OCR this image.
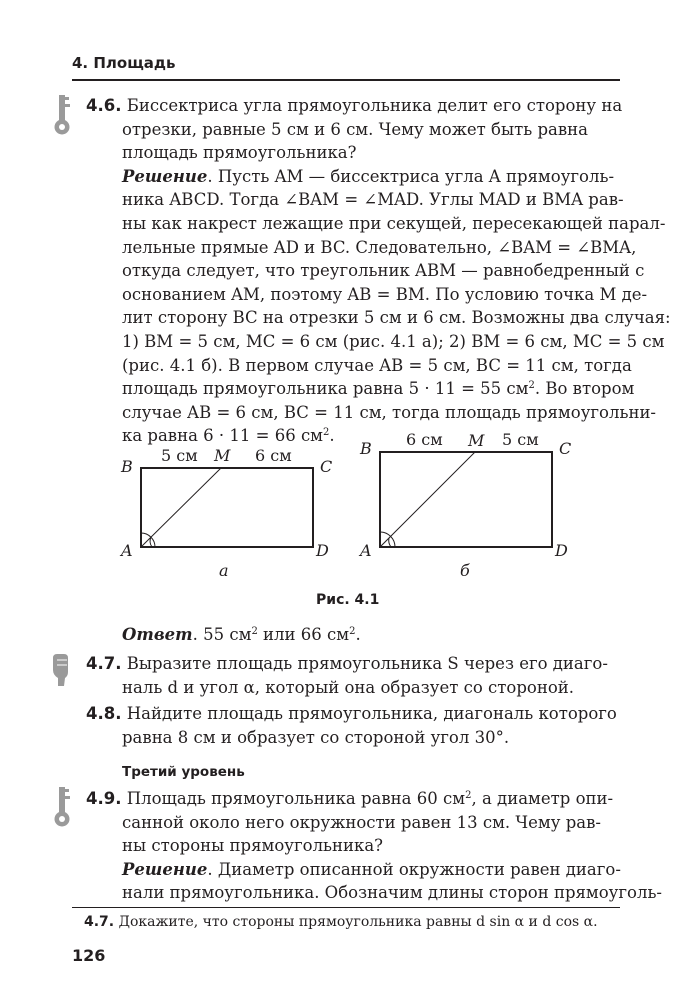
4. Площадь
4.6. Биссектриса угла прямоугольника делит его сторону на
отрезки, равные 5 см и 6 см. Чему может быть равна
площадь прямоугольника?
Решение. Пусть AM — биссектриса угла A прямоуголь-
ника ABCD. Тогда ∠BAM = ∠MAD. Углы MAD и BMA рав-
ны как накрест лежащие при секущей, пересекающей парал-
лельные прямые AD и BC. Следовательно, ∠BAM = ∠BMA,
откуда следует, что треугольник ABM — равнобедренный с
основанием AM, поэтому AB = BM. По условию точка M де-
лит сторону BC на отрезки 5 см и 6 см. Возможны два случая:
1) BM = 5 см, MC = 6 см (рис. 4.1 а); 2) BM = 6 см, MC = 5 см
(рис. 4.1 б). В первом случае AB = 5 см, BC = 11 см, тогда
площадь прямоугольника равна 5 · 11 = 55 $см^2$. Во втором
случае AB = 6 см, BC = 11 см, тогда площадь прямоугольни-
ка равна 6 · 11 = 66 $см^2$.
B	C
A	D
M
5 см	6 см
а
B	C
A	D
M
6 см	5 см
б
Рис. 4.1
Ответ. 55 $см^2$ или 66 $см^2$.
4.7. Выразите площадь прямоугольника S через его диаго-
наль d и угол α, который она образует со стороной.
4.8. Найдите площадь прямоугольника, диагональ которого
равна 8 см и образует со стороной угол 30°.
Третий уровень
4.9. Площадь прямоугольника равна 60 $см^2$, а диаметр опи-
санной около него окружности равен 13 см. Чему рав-
ны стороны прямоугольника?
Решение. Диаметр описанной окружности равен диаго-
нали прямоугольника. Обозначим длины сторон прямоуголь-
4.7. Докажите, что стороны прямоугольника равны d sin α и d cos α.
126
